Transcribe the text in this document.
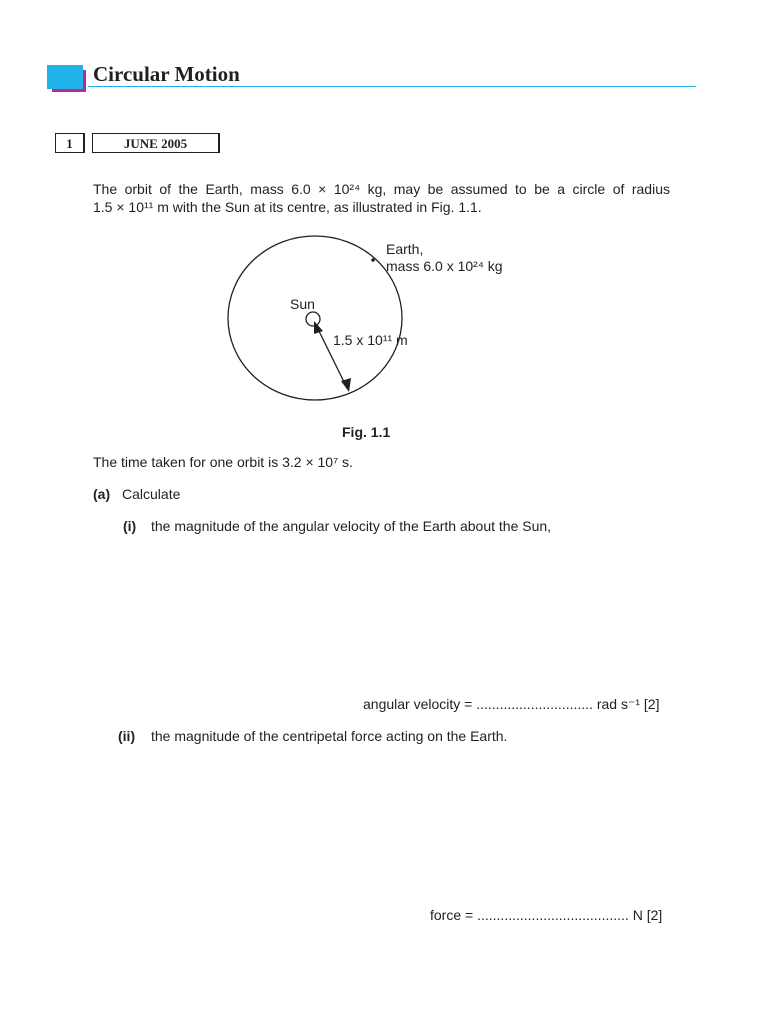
Circular Motion
1	JUNE 2005
The orbit of the Earth, mass 6.0 × 10²⁴ kg, may be assumed to be a circle of radius
1.5 × 10¹¹ m with the Sun at its centre, as illustrated in Fig. 1.1.
Earth,
mass 6.0 x 10²⁴ kg
Sun
1.5 x 10¹¹ m
Fig. 1.1
The time taken for one orbit is 3.2 × 10⁷ s.
(a) Calculate
(i) the magnitude of the angular velocity of the Earth about the Sun,
angular velocity = .............................. rad s⁻¹ [2]
(ii) the magnitude of the centripetal force acting on the Earth.
force = ....................................... N [2]
